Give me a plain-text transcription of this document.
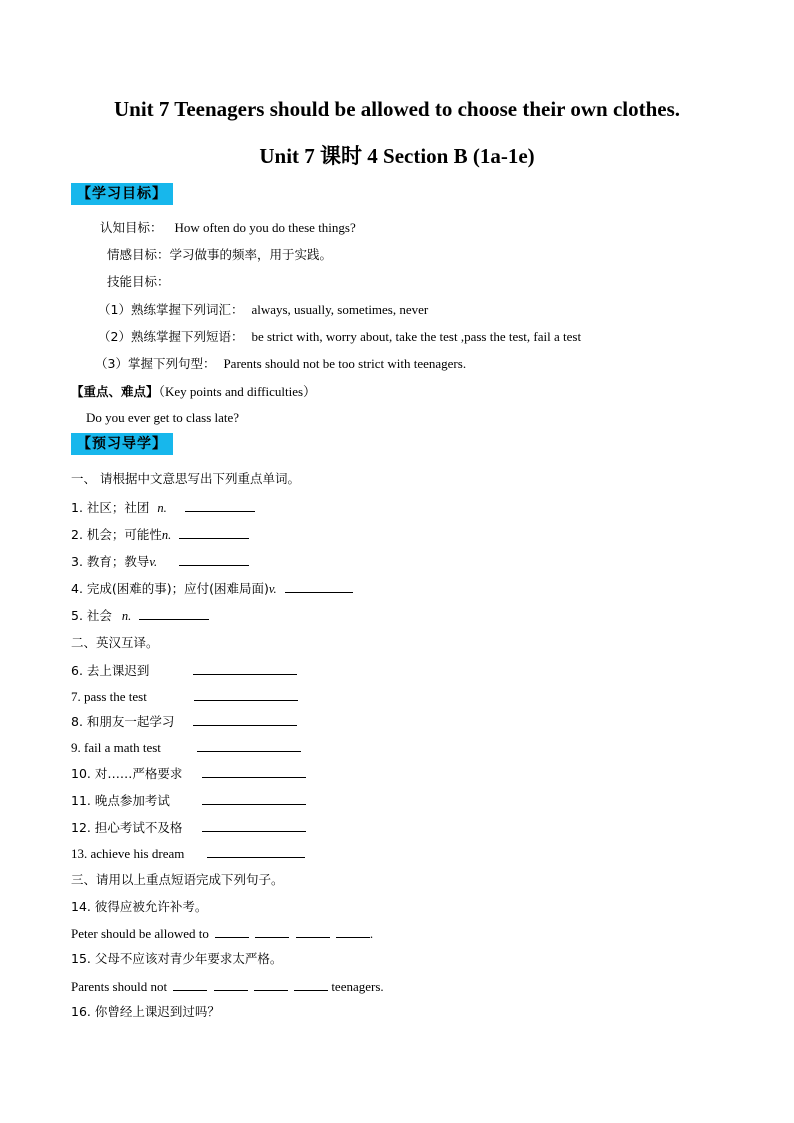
Unit 7 Teenagers should be allowed to choose their own clothes.
Unit 7 课时 4 Section B (1a-1e)
【学习目标】
认知目标： How often do you do these things?
情感目标：学习做事的频率，用于实践。
技能目标：
（1）熟练掌握下列词汇： always, usually, sometimes, never
（2）熟练掌握下列短语： be strict with, worry about, take the test ,pass the test, fail a test
（3）掌握下列句型： Parents should not be too strict with teenagers.
【重点、难点】（Key points and difficulties）
Do you ever get to class late?
【预习导学】
一、 请根据中文意思写出下列重点单词。
1. 社区；社团 n.
2. 机会；可能性n.
3. 教育；教导v.
4. 完成(困难的事)；应付(困难局面)v.
5. 社会 n.
二、英汉互译。
6. 去上课迟到
7. pass the test
8. 和朋友一起学习
9. fail a math test
10. 对……严格要求
11. 晚点参加考试
12. 担心考试不及格
13. achieve his dream
三、请用以上重点短语完成下列句子。
14. 彼得应被允许补考。
Peter should be allowed to	.
15. 父母不应该对青少年要求太严格。
Parents should not	teenagers.
16. 你曾经上课迟到过吗？
